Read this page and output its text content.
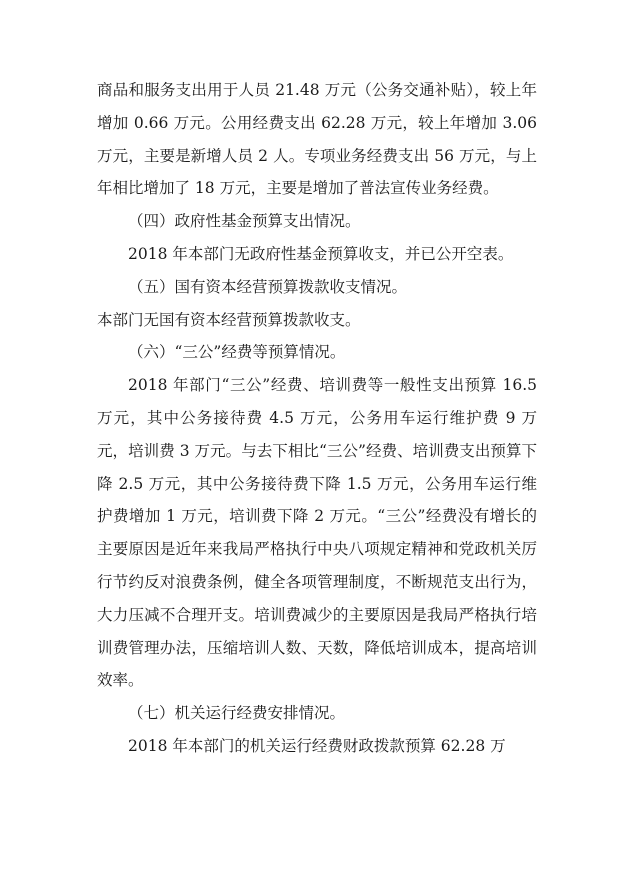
商品和服务支出用于人员 21.48 万元（公务交通补贴），较上年增加 0.66 万元。公用经费支出 62.28 万元，较上年增加 3.06 万元，主要是新增人员 2 人。专项业务经费支出 56 万元，与上年相比增加了 18 万元，主要是增加了普法宣传业务经费。

（四）政府性基金预算支出情况。

2018 年本部门无政府性基金预算收支，并已公开空表。

（五）国有资本经营预算拨款收支情况。

本部门无国有资本经营预算拨款收支。

（六）“三公”经费等预算情况。

2018 年部门“三公”经费、培训费等一般性支出预算 16.5 万元，其中公务接待费 4.5 万元，公务用车运行维护费 9 万元，培训费 3 万元。与去下相比“三公”经费、培训费支出预算下降 2.5 万元，其中公务接待费下降 1.5 万元，公务用车运行维护费增加 1 万元，培训费下降 2 万元。“三公”经费没有增长的主要原因是近年来我局严格执行中央八项规定精神和党政机关厉行节约反对浪费条例，健全各项管理制度，不断规范支出行为，大力压减不合理开支。培训费减少的主要原因是我局严格执行培训费管理办法，压缩培训人数、天数，降低培训成本，提高培训效率。

（七）机关运行经费安排情况。

2018 年本部门的机关运行经费财政拨款预算 62.28 万
